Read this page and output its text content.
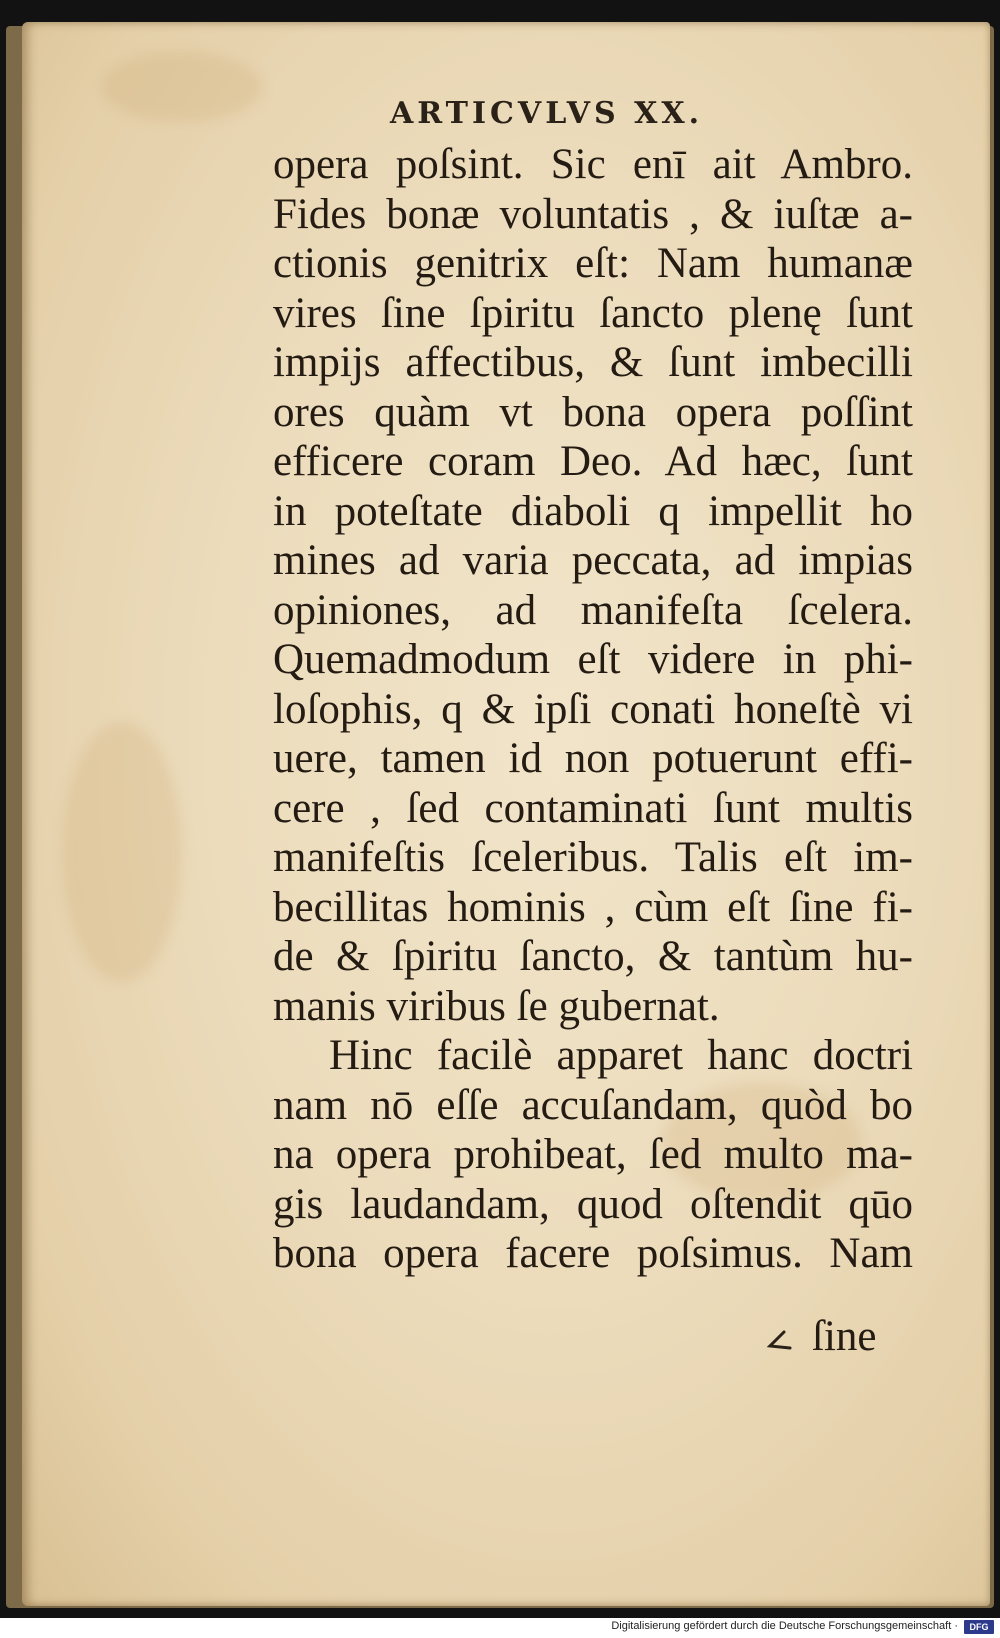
ARTICVLVS XX.
opera poſsint. Sic enī ait Ambro.
Fides bonæ voluntatis , & iuſtæ a-
ctionis genitrix eſt: Nam humanæ
vires ſine ſpiritu ſancto plenę ſunt
impijs affectibus, & ſunt imbecilli
ores quàm vt bona opera poſſint
efficere coram Deo. Ad hæc, ſunt
in poteſtate diaboli q impellit ho
mines ad varia peccata, ad impias
opiniones, ad manifeſta ſcelera.
Quemadmodum eſt videre in phi-
loſophis, q & ipſi conati honeſtè vi
uere, tamen id non potuerunt effi-
cere , ſed contaminati ſunt multis
manifeſtis ſceleribus. Talis eſt im-
becillitas hominis , cùm eſt ſine fi-
de & ſpiritu ſancto, & tantùm hu-
manis viribus ſe gubernat.
Hinc facilè apparet hanc doctri
nam nō eſſe accuſandam, quòd bo
na opera prohibeat, ſed multo ma-
gis laudandam, quod oſtendit qūo
bona opera facere poſsimus. Nam
ſine
Digitalisierung gefördert durch die Deutsche Forschungsgemeinschaft ·	DFG
